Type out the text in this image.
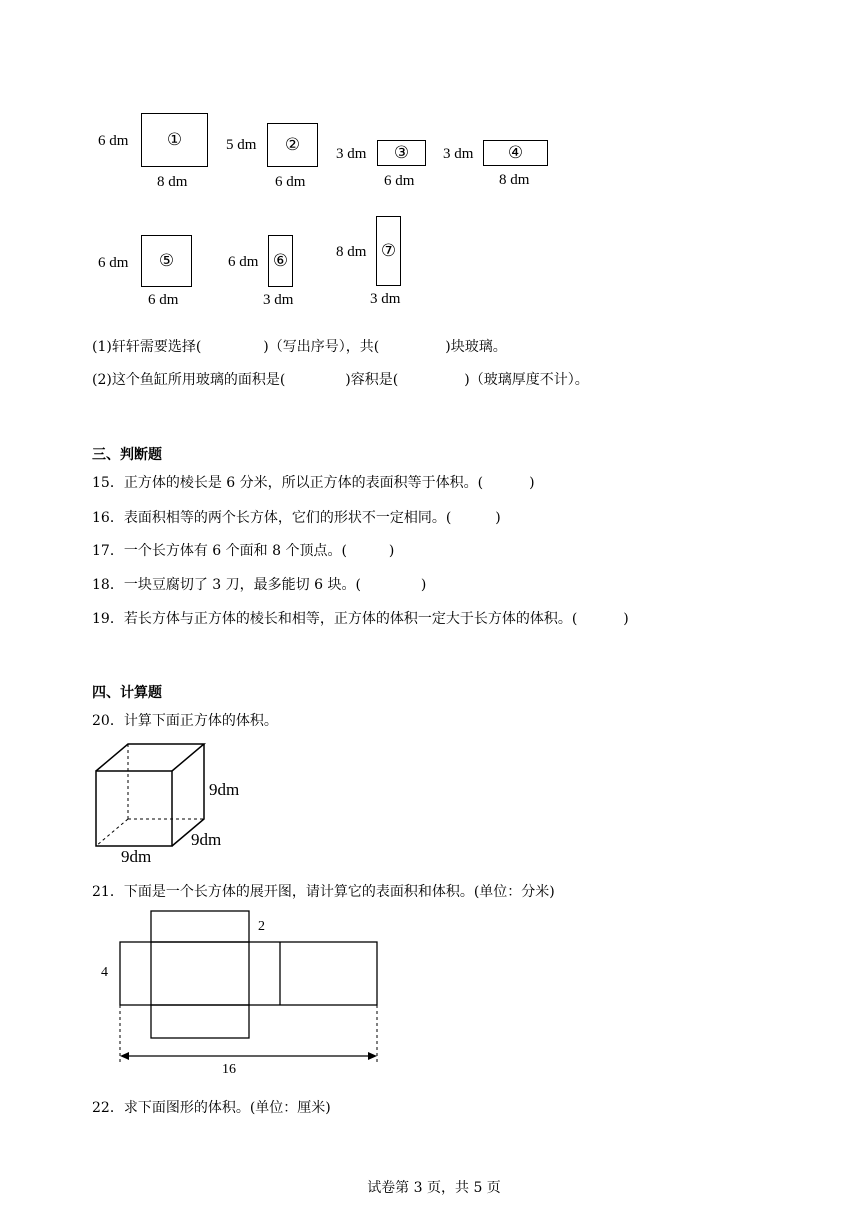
6 dm ①
8 dm
5 dm ②
6 dm
3 dm ③
6 dm
3 dm ④
8 dm
6 dm ⑤
6 dm
6 dm ⑥
3 dm
8 dm ⑦
3 dm
(1)轩轩需要选择(	)（写出序号），共(	)块玻璃。
(2)这个鱼缸所用玻璃的面积是(	)容积是(	)（玻璃厚度不计）。
三、判断题
15．正方体的棱长是 6 分米，所以正方体的表面积等于体积。(	)
16．表面积相等的两个长方体，它们的形状不一定相同。(	)
17．一个长方体有 6 个面和 8 个顶点。(	)
18．一块豆腐切了 3 刀，最多能切 6 块。(	)
19．若长方体与正方体的棱长和相等，正方体的体积一定大于长方体的体积。(	)
四、计算题
20．计算下面正方体的体积。
9dm
9dm
9dm
21．下面是一个长方体的展开图，请计算它的表面积和体积。(单位：分米)
2
4
16
22．求下面图形的体积。(单位：厘米)
试卷第 3 页，共 5 页
